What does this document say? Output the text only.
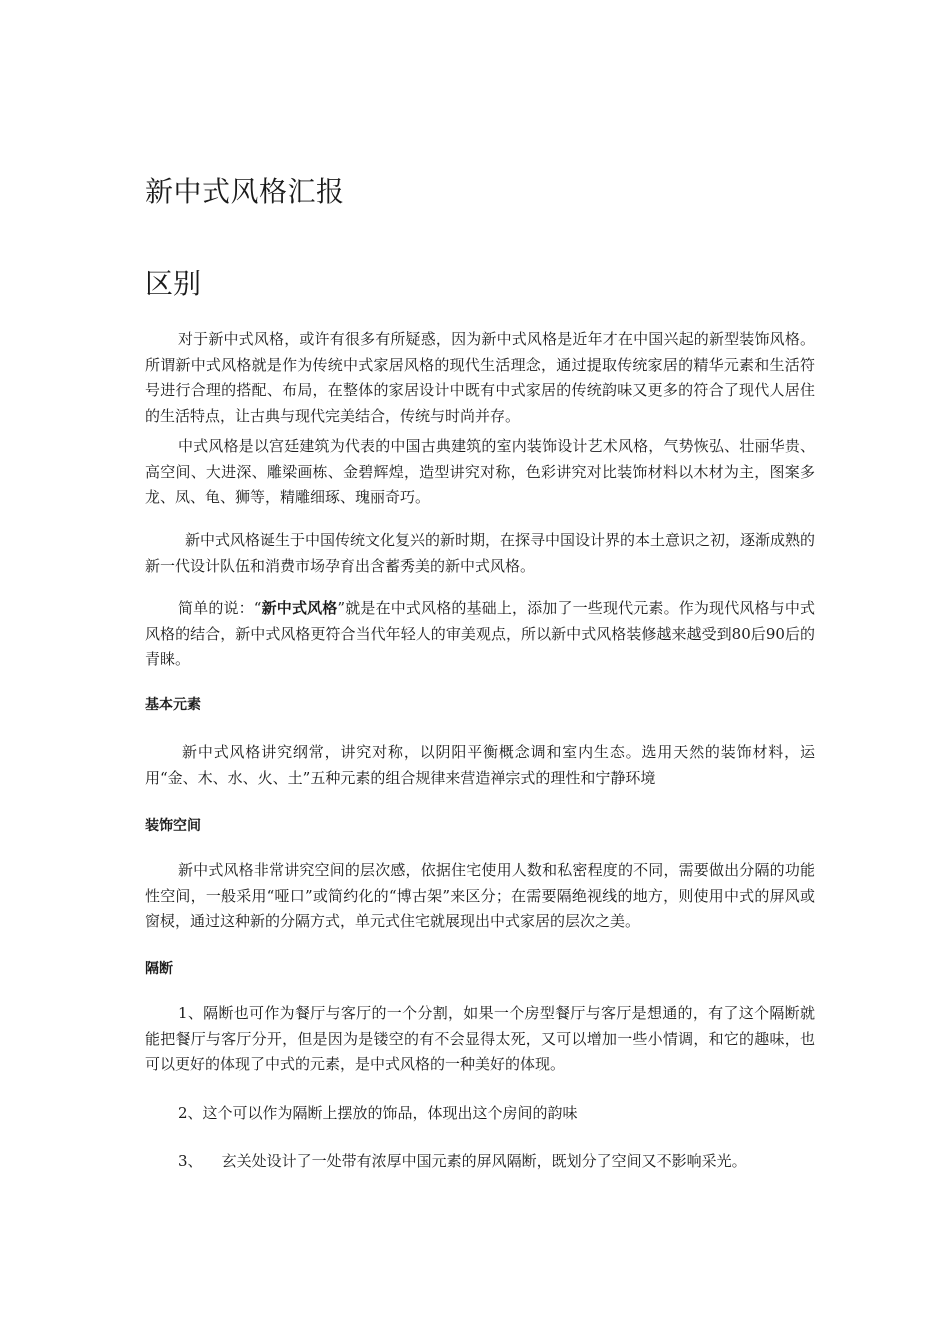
新中式风格汇报
区别

对于新中式风格，或许有很多有所疑惑，因为新中式风格是近年才在中国兴起的新型装饰风格。所谓新中式风格就是作为传统中式家居风格的现代生活理念，通过提取传统家居的精华元素和生活符号进行合理的搭配、布局，在整体的家居设计中既有中式家居的传统韵味又更多的符合了现代人居住的生活特点，让古典与现代完美结合，传统与时尚并存。

中式风格是以宫廷建筑为代表的中国古典建筑的室内装饰设计艺术风格，气势恢弘、壮丽华贵、高空间、大进深、雕梁画栋、金碧辉煌，造型讲究对称，色彩讲究对比装饰材料以木材为主，图案多龙、凤、龟、狮等，精雕细琢、瑰丽奇巧。

新中式风格诞生于中国传统文化复兴的新时期，在探寻中国设计界的本土意识之初，逐渐成熟的新一代设计队伍和消费市场孕育出含蓄秀美的新中式风格。

简单的说：“新中式风格”就是在中式风格的基础上，添加了一些现代元素。作为现代风格与中式风格的结合，新中式风格更符合当代年轻人的审美观点，所以新中式风格装修越来越受到80后90后的青睐。

基本元素

新中式风格讲究纲常，讲究对称，以阴阳平衡概念调和室内生态。选用天然的装饰材料，运用“金、木、水、火、土”五种元素的组合规律来营造禅宗式的理性和宁静环境

装饰空间

新中式风格非常讲究空间的层次感，依据住宅使用人数和私密程度的不同，需要做出分隔的功能性空间，一般采用“哑口”或简约化的“博古架”来区分；在需要隔绝视线的地方，则使用中式的屏风或窗棂，通过这种新的分隔方式，单元式住宅就展现出中式家居的层次之美。

隔断

1、隔断也可作为餐厅与客厅的一个分割，如果一个房型餐厅与客厅是想通的，有了这个隔断就能把餐厅与客厅分开，但是因为是镂空的有不会显得太死，又可以增加一些小情调，和它的趣味，也可以更好的体现了中式的元素，是中式风格的一种美好的体现。

2、这个可以作为隔断上摆放的饰品，体现出这个房间的韵味

3、    玄关处设计了一处带有浓厚中国元素的屏风隔断，既划分了空间又不影响采光。
